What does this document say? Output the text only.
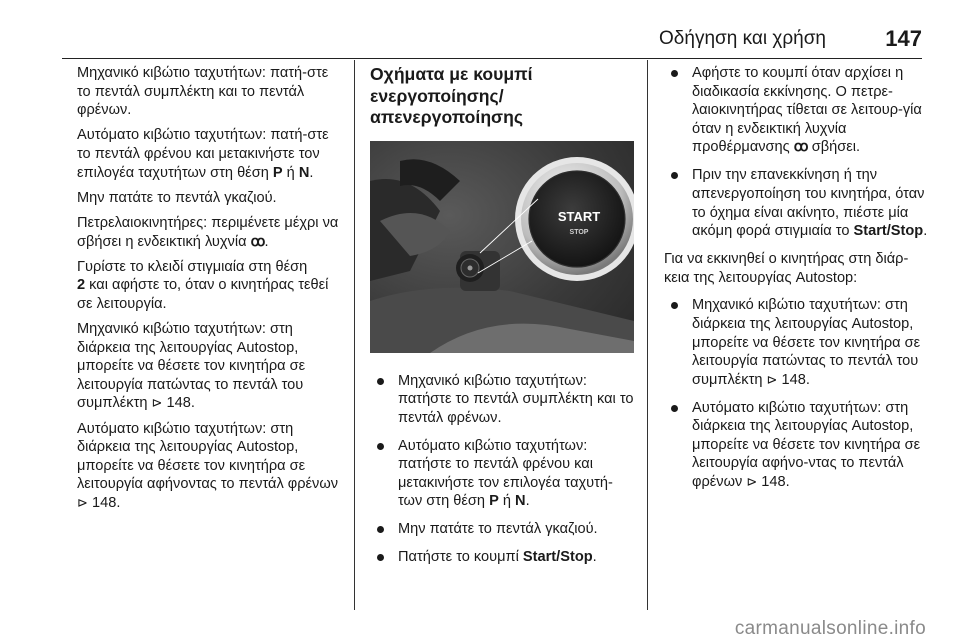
Οδήγηση και χρήση	147

Μηχανικό κιβώτιο ταχυτήτων: πατή-στε το πεντάλ συμπλέκτη και το πεντάλ φρένων.

Αυτόματο κιβώτιο ταχυτήτων: πατή-στε το πεντάλ φρένου και μετακινήστε τον επιλογέα ταχυτήτων στη θέση P ή N.

Μην πατάτε το πεντάλ γκαζιού.

Πετρελαιοκινητήρες: περιμένετε μέχρι να σβήσει η ενδεικτική λυχνία ꝏ.

Γυρίστε το κλειδί στιγμιαία στη θέση
2 και αφήστε το, όταν ο κινητήρας τεθεί σε λειτουργία.

Μηχανικό κιβώτιο ταχυτήτων: στη διάρκεια της λειτουργίας Autostop, μπορείτε να θέσετε τον κινητήρα σε λειτουργία πατώντας το πεντάλ του συμπλέκτη ⊳ 148.

Αυτόματο κιβώτιο ταχυτήτων: στη διάρκεια της λειτουργίας Autostop, μπορείτε να θέσετε τον κινητήρα σε λειτουργία αφήνοντας το πεντάλ φρένων ⊳ 148.

Οχήματα με κουμπί ενεργοποίησης/ απενεργοποίησης
START
STOP
Μηχανικό κιβώτιο ταχυτήτων: πατήστε το πεντάλ συμπλέκτη και το πεντάλ φρένων.
Αυτόματο κιβώτιο ταχυτήτων: πατήστε το πεντάλ φρένου και μετακινήστε τον επιλογέα ταχυτή-των στη θέση P ή N.
Μην πατάτε το πεντάλ γκαζιού.
Πατήστε το κουμπί Start/Stop.
Αφήστε το κουμπί όταν αρχίσει η διαδικασία εκκίνησης. Ο πετρε-λαιοκινητήρας τίθεται σε λειτουρ-γία όταν η ενδεικτική λυχνία προθέρμανσης ꝏ σβήσει.
Πριν την επανεκκίνηση ή την απενεργοποίηση του κινητήρα, όταν το όχημα είναι ακίνητο, πιέστε μία ακόμη φορά στιγμιαία το Start/Stop.

Για να εκκινηθεί ο κινητήρας στη διάρ-κεια της λειτουργίας Autostop:

Μηχανικό κιβώτιο ταχυτήτων: στη διάρκεια της λειτουργίας Autostop, μπορείτε να θέσετε τον κινητήρα σε λειτουργία πατώντας το πεντάλ του συμπλέκτη ⊳ 148.
Αυτόματο κιβώτιο ταχυτήτων: στη διάρκεια της λειτουργίας Autostop, μπορείτε να θέσετε τον κινητήρα σε λειτουργία αφήνο-ντας το πεντάλ φρένων ⊳ 148.
carmanualsonline.info
